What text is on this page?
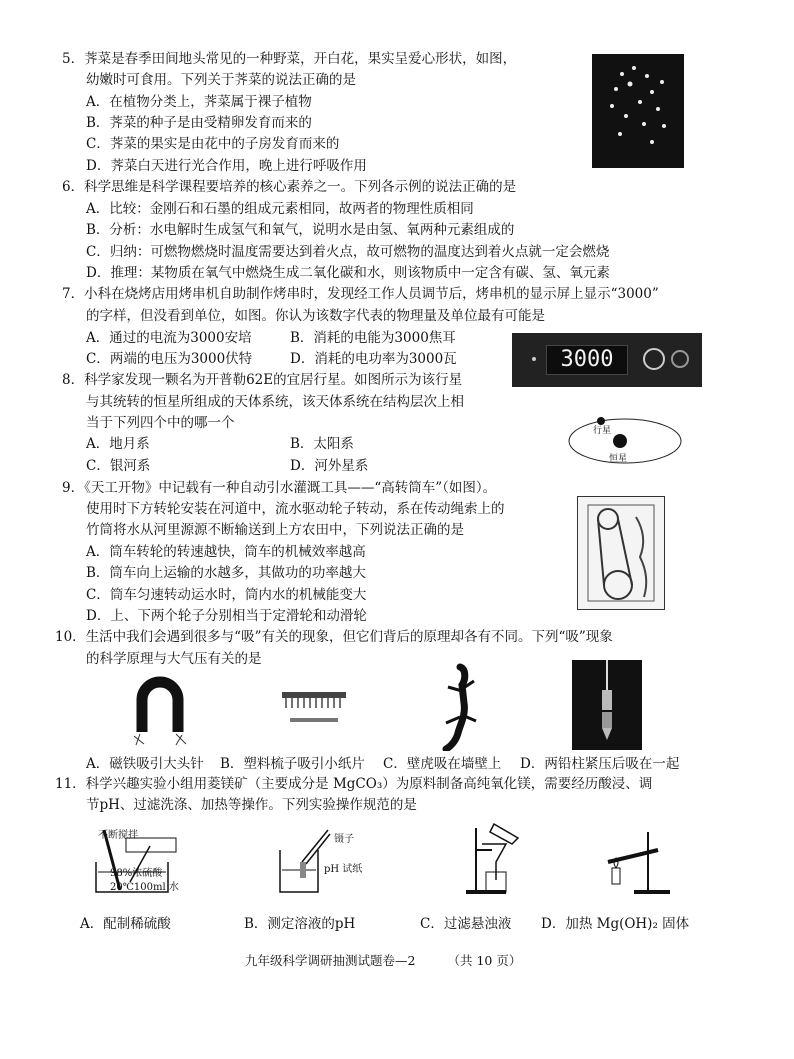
5．荠菜是春季田间地头常见的一种野菜，开白花，果实呈爱心形状，如图，
幼嫩时可食用。下列关于荠菜的说法正确的是
A．在植物分类上，荠菜属于裸子植物
B．荠菜的种子是由受精卵发育而来的
C．荠菜的果实是由花中的子房发育而来的
D．荠菜白天进行光合作用，晚上进行呼吸作用
6．科学思维是科学课程要培养的核心素养之一。下列各示例的说法正确的是
A．比较：金刚石和石墨的组成元素相同，故两者的物理性质相同
B．分析：水电解时生成氢气和氧气，说明水是由氢、氧两种元素组成的
C．归纳：可燃物燃烧时温度需要达到着火点，故可燃物的温度达到着火点就一定会燃烧
D．推理：某物质在氧气中燃烧生成二氧化碳和水，则该物质中一定含有碳、氢、氧元素
7．小科在烧烤店用烤串机自助制作烤串时，发现经工作人员调节后，烤串机的显示屏上显示“3000”
的字样，但没看到单位，如图。你认为该数字代表的物理量及单位最有可能是
A．通过的电流为3000安培	B．消耗的电能为3000焦耳
C．两端的电压为3000伏特	D．消耗的电功率为3000瓦	3000
8．科学家发现一颗名为开普勒62E的宜居行星。如图所示为该行星
与其统转的恒星所组成的天体系统，该天体系统在结构层次上相
当于下列四个中的哪一个
A．地月系	B．太阳系
C．银河系	D．河外星系
行星
恒星
9．《天工开物》中记载有一种自动引水灌溉工具——“高转筒车”（如图）。
使用时下方转轮安装在河道中，流水驱动轮子转动，系在传动绳索上的
竹筒将水从河里源源不断输送到上方农田中，下列说法正确的是
A．筒车转轮的转速越快，筒车的机械效率越高
B．筒车向上运输的水越多，其做功的功率越大
C．筒车匀速转动运水时，筒内水的机械能变大
D．上、下两个轮子分别相当于定滑轮和动滑轮
10．生活中我们会遇到很多与“吸”有关的现象，但它们背后的原理却各有不同。下列“吸”现象
的科学原理与大气压有关的是
A．磁铁吸引大头针 B．塑料梳子吸引小纸片 C．壁虎吸在墙壁上 D．两铅柱紧压后吸在一起
11．科学兴趣实验小组用菱镁矿（主要成分是 MgCO₃）为原料制备高纯氧化镁，需要经历酸浸、调
节pH、过滤洗涤、加热等操作。下列实验操作规范的是
不断搅拌
98%浓硫酸
20℃100ml 水
镊子
pH 试纸
A．配制稀硫酸	B．测定溶液的pH	C．过滤悬浊液 D．加热 Mg(OH)₂ 固体
九年级科学调研抽测试题卷—2	（共 10 页）
